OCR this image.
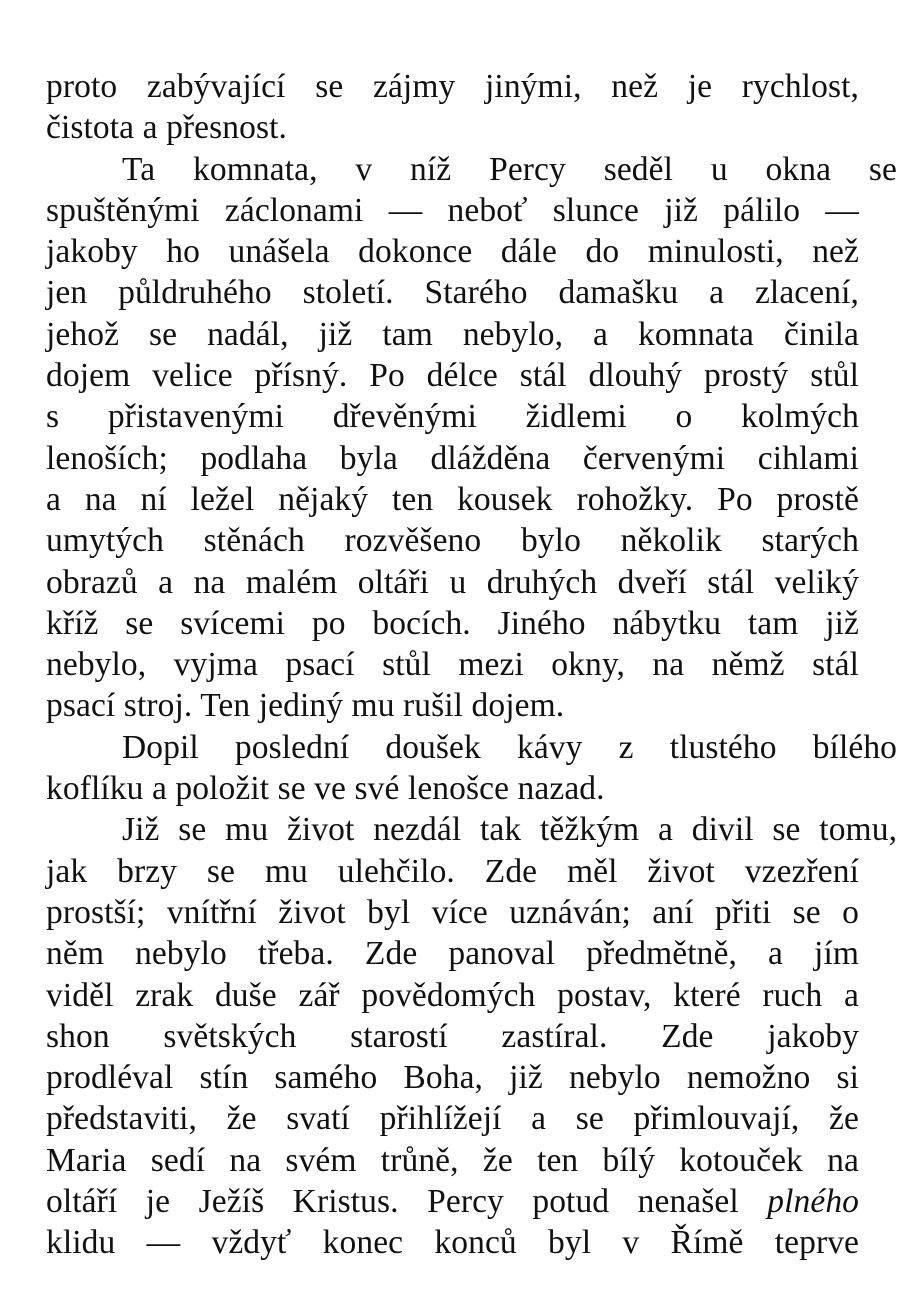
proto zabývající se zájmy jinými, než je rychlost,
čistota a přesnost.
Ta komnata, v níž Percy seděl u okna se
spuštěnými záclonami — neboť slunce již pálilo —
jakoby ho unášela dokonce dále do minulosti, než
jen půldruhého století. Starého damašku a zlacení,
jehož se nadál, již tam nebylo, a komnata činila
dojem velice přísný. Po délce stál dlouhý prostý stůl
s přistavenými dřevěnými židlemi o kolmých
lenoších; podlaha byla dlážděna červenými cihlami
a na ní ležel nějaký ten kousek rohožky. Po prostě
umytých stěnách rozvěšeno bylo několik starých
obrazů a na malém oltáři u druhých dveří stál veliký
kříž se svícemi po bocích. Jiného nábytku tam již
nebylo, vyjma psací stůl mezi okny, na němž stál
psací stroj. Ten jediný mu rušil dojem.
Dopil poslední doušek kávy z tlustého bílého
koflíku a položit se ve své lenošce nazad.
Již se mu život nezdál tak těžkým a divil se tomu,
jak brzy se mu ulehčilo. Zde měl život vzezření
prostší; vnítřní život byl více uznáván; aní přiti se o
něm nebylo třeba. Zde panoval předmětně, a jím
viděl zrak duše zář povědomých postav, které ruch a
shon světských starostí zastíral. Zde jakoby
prodléval stín samého Boha, již nebylo nemožno si
představiti, že svatí přihlížejí a se přimlouvají, že
Maria sedí na svém trůně, že ten bílý kotouček na
oltáří je Ježíš Kristus. Percy potud nenašel plného
klidu — vždyť konec konců byl v Římě teprve
